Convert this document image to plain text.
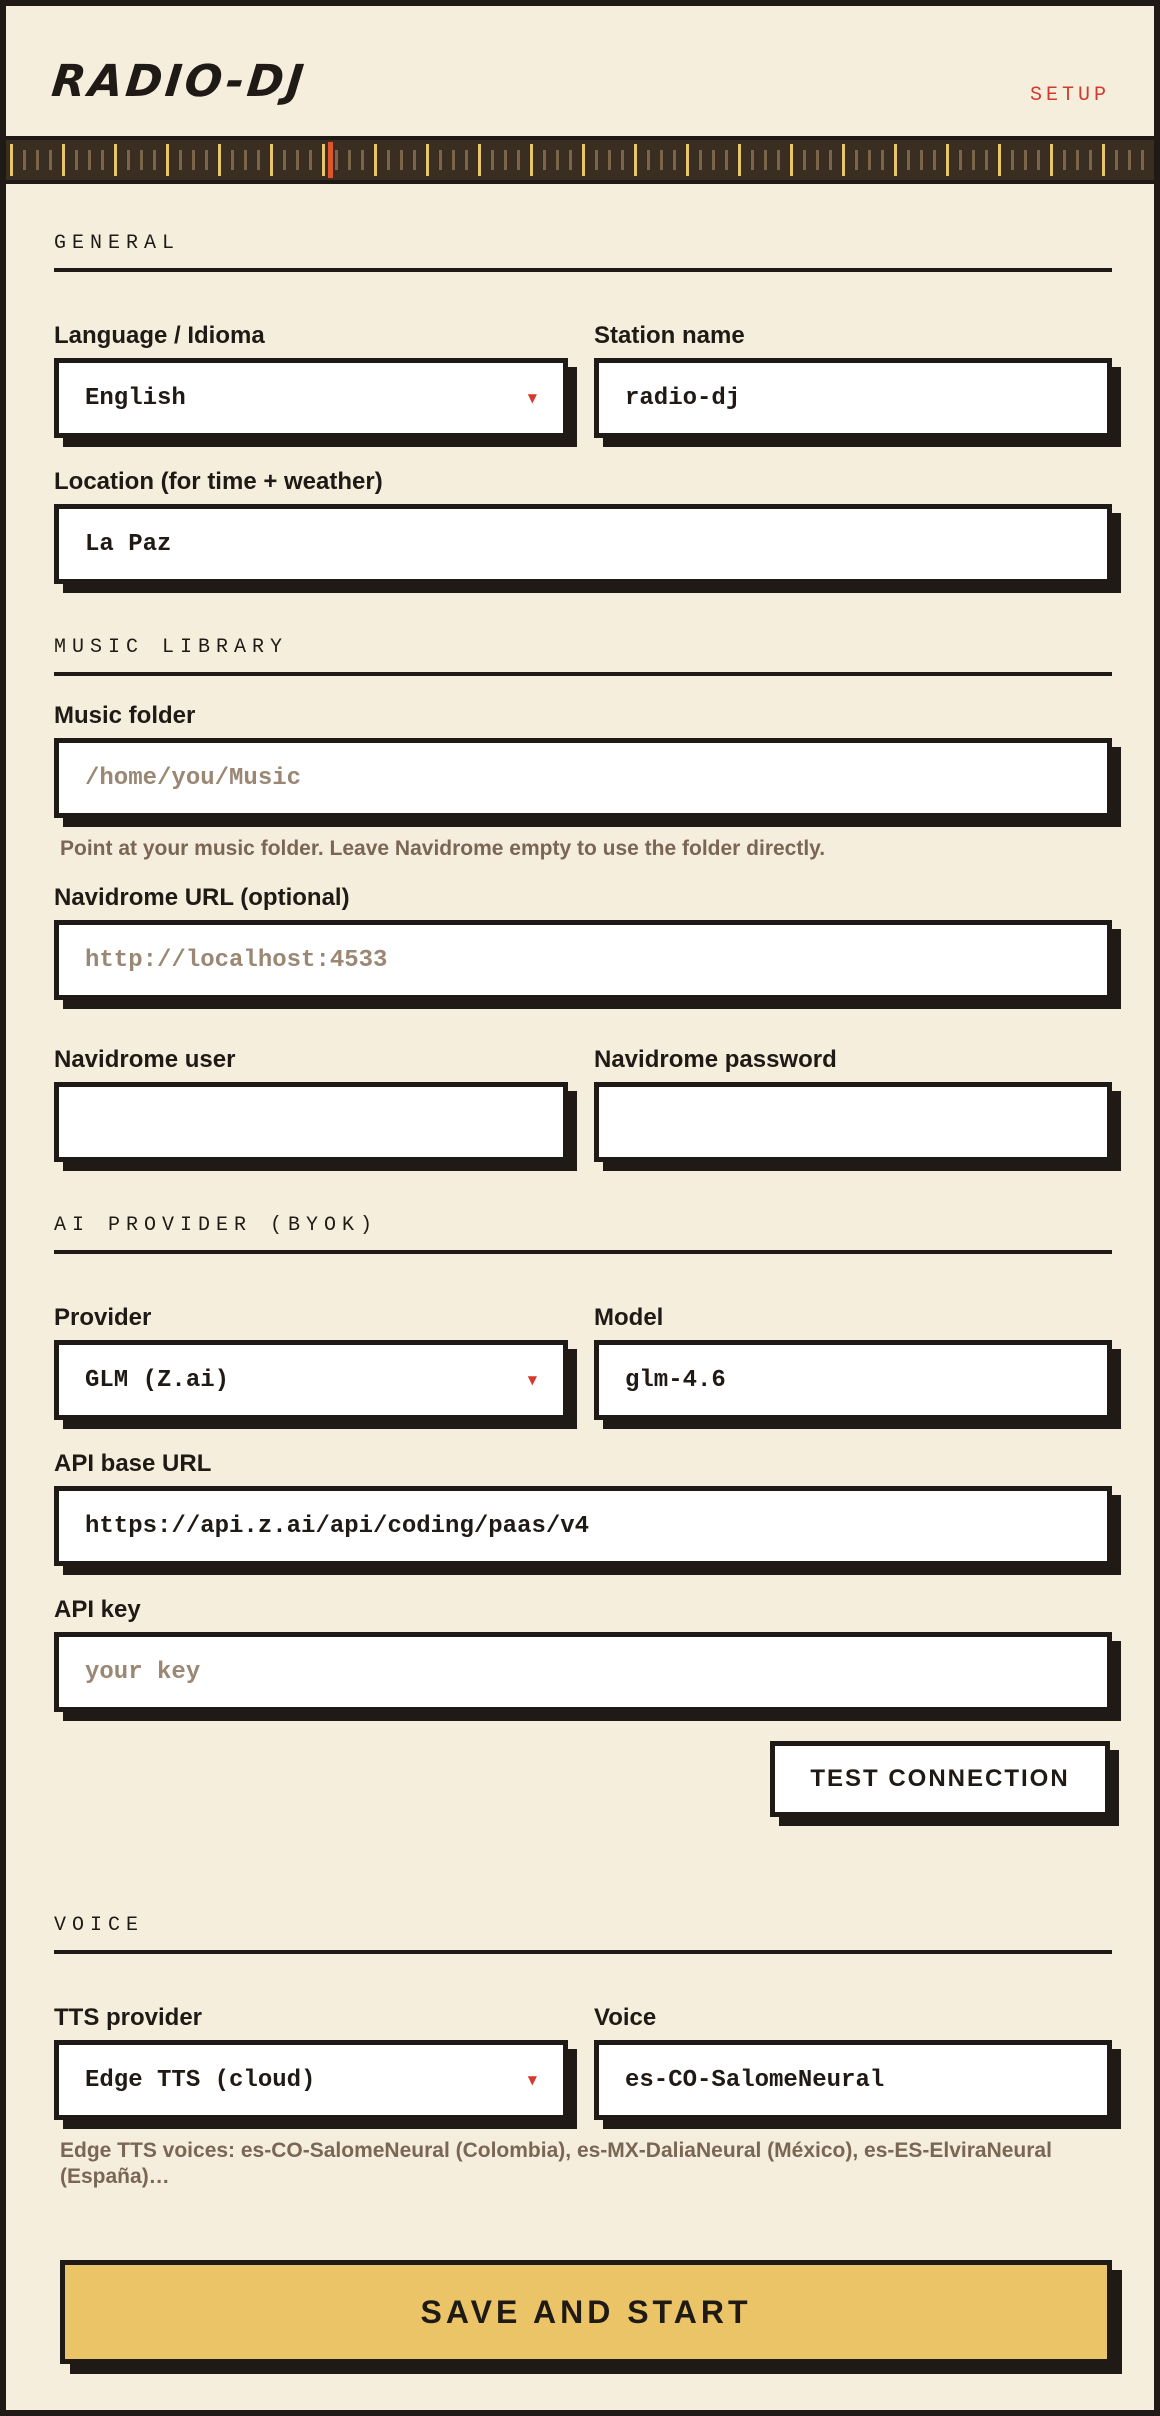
RADIO-DJ	SETUP
GENERAL
Language / Idioma
English	▼
Station name
radio-dj
Location (for time + weather)
La Paz
MUSIC LIBRARY
Music folder
/home/you/Music
Point at your music folder. Leave Navidrome empty to use the folder directly.
Navidrome URL (optional)
http://localhost:4533
Navidrome user	Navidrome password
AI PROVIDER (BYOK)
Provider
GLM (Z.ai)	▼
Model
glm-4.6
API base URL
https://api.z.ai/api/coding/paas/v4
API key
your key
TEST CONNECTION
VOICE
TTS provider
Edge TTS (cloud)	▼
Voice
es-CO-SalomeNeural
Edge TTS voices: es-CO-SalomeNeural (Colombia), es-MX-DaliaNeural (México), es-ES-ElviraNeural (España)…
SAVE AND START
